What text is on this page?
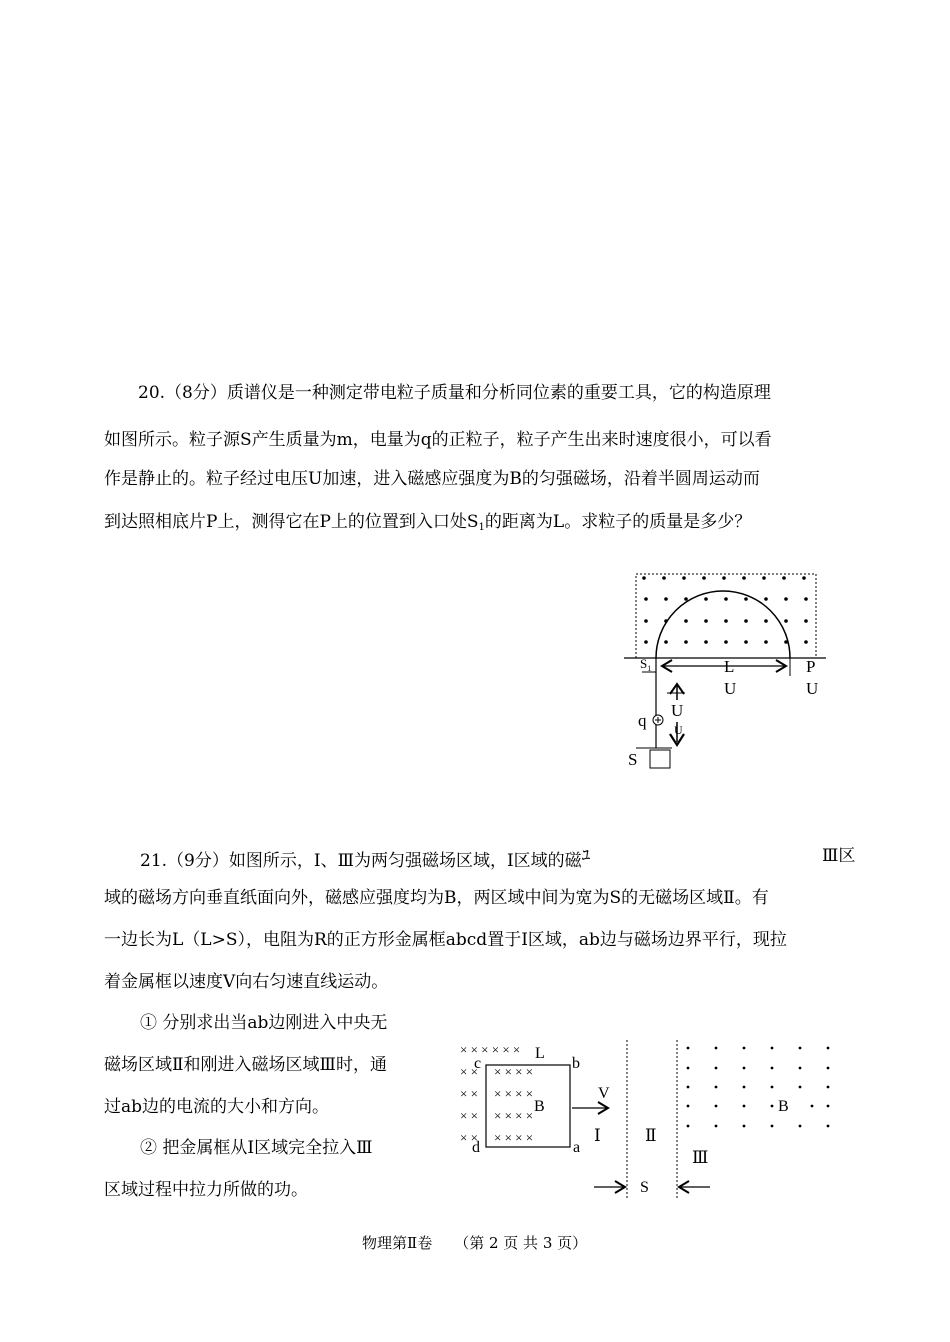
20.（8分）质谱仪是一种测定带电粒子质量和分析同位素的重要工具，它的构造原理
如图所示。粒子源S产生质量为m，电量为q的正粒子，粒子产生出来时速度很小，可以看
作是静止的。粒子经过电压U加速，进入磁感应强度为B的匀强磁场，沿着半圆周运动而
到达照相底片P上，测得它在P上的位置到入口处$S_1$的距离为L。求粒子的质量是多少？
$S_1$	L
U
P
U
U
U
q
S
21.（9分）如图所示，Ⅰ、Ⅲ为两匀强磁场区域，Ⅰ区域的磁ﾕ	Ⅲ区
域的磁场方向垂直纸面向外，磁感应强度均为B，两区域中间为宽为S的无磁场区域Ⅱ。有
一边长为L（L>S），电阻为R的正方形金属框abcd置于Ⅰ区域，ab边与磁场边界平行，现拉
着金属框以速度V向右匀速直线运动。
① 分别求出当ab边刚进入中央无
磁场区域Ⅱ和刚进入磁场区域Ⅲ时，通
过ab边的电流的大小和方向。
② 把金属框从Ⅰ区域完全拉入Ⅲ
区域过程中拉力所做的功。
× × × × × ×
× ×
× ×
× ×
× ×
× × × ×
× × × ×
× × × ×
× × × ×
c
L
b
V
B
d	a
Ⅰ	Ⅱ
Ⅲ
B
S
物理第Ⅱ卷 （第 2 页 共 3 页）
